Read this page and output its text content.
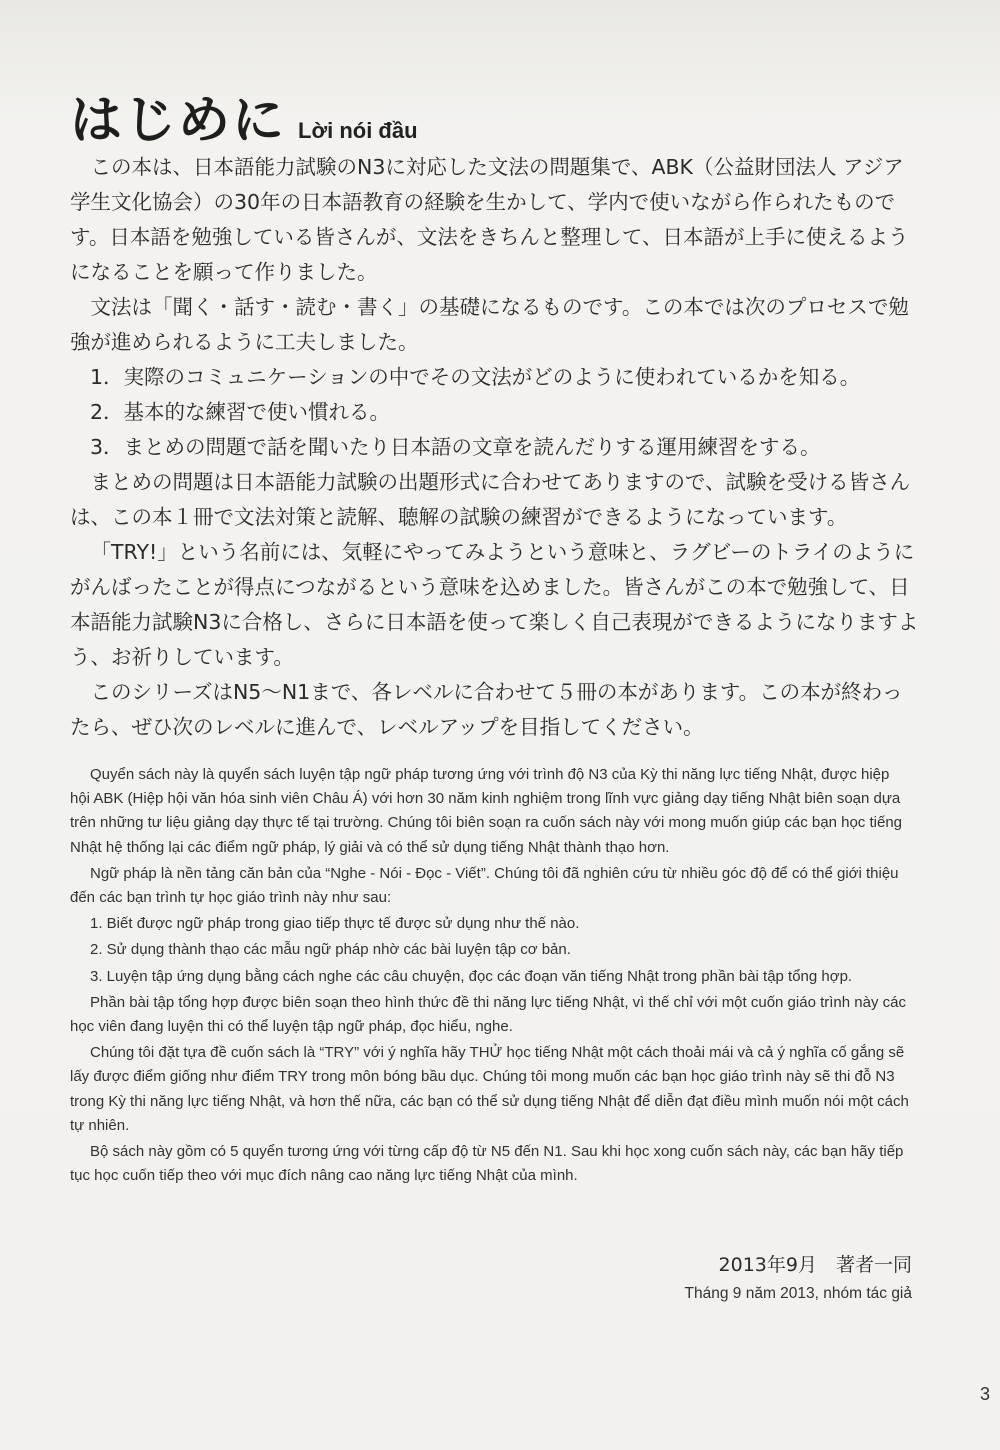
はじめに Lời nói đầu

この本は、日本語能力試験のN3に対応した文法の問題集で、ABK（公益財団法人 アジア学生文化協会）の30年の日本語教育の経験を生かして、学内で使いながら作られたものです。日本語を勉強している皆さんが、文法をきちんと整理して、日本語が上手に使えるようになることを願って作りました。

文法は「聞く・話す・読む・書く」の基礎になるものです。この本では次のプロセスで勉強が進められるように工夫しました。

1．実際のコミュニケーションの中でその文法がどのように使われているかを知る。

2．基本的な練習で使い慣れる。

3．まとめの問題で話を聞いたり日本語の文章を読んだりする運用練習をする。

まとめの問題は日本語能力試験の出題形式に合わせてありますので、試験を受ける皆さんは、この本１冊で文法対策と読解、聴解の試験の練習ができるようになっています。

「TRY!」という名前には、気軽にやってみようという意味と、ラグビーのトライのようにがんばったことが得点につながるという意味を込めました。皆さんがこの本で勉強して、日本語能力試験N3に合格し、さらに日本語を使って楽しく自己表現ができるようになりますよう、お祈りしています。

このシリーズはN5〜N1まで、各レベルに合わせて５冊の本があります。この本が終わったら、ぜひ次のレベルに進んで、レベルアップを目指してください。

Quyển sách này là quyển sách luyện tập ngữ pháp tương ứng với trình độ N3 của Kỳ thi năng lực tiếng Nhật, được hiệp hội ABK (Hiệp hội văn hóa sinh viên Châu Á) với hơn 30 năm kinh nghiệm trong lĩnh vực giảng dạy tiếng Nhật biên soạn dựa trên những tư liệu giảng dạy thực tế tại trường. Chúng tôi biên soạn ra cuốn sách này với mong muốn giúp các bạn học tiếng Nhật hệ thống lại các điểm ngữ pháp, lý giải và có thể sử dụng tiếng Nhật thành thạo hơn.

Ngữ pháp là nền tảng căn bản của “Nghe - Nói - Đọc - Viết”. Chúng tôi đã nghiên cứu từ nhiều góc độ để có thể giới thiệu đến các bạn trình tự học giáo trình này như sau:

1. Biết được ngữ pháp trong giao tiếp thực tế được sử dụng như thế nào.

2. Sử dụng thành thạo các mẫu ngữ pháp nhờ các bài luyện tập cơ bản.

3. Luyện tập ứng dụng bằng cách nghe các câu chuyện, đọc các đoạn văn tiếng Nhật trong phần bài tập tổng hợp.

Phần bài tập tổng hợp được biên soạn theo hình thức đề thi năng lực tiếng Nhật, vì thế chỉ với một cuốn giáo trình này các học viên đang luyện thi có thể luyện tập ngữ pháp, đọc hiểu, nghe.

Chúng tôi đặt tựa đề cuốn sách là “TRY” với ý nghĩa hãy THỬ học tiếng Nhật một cách thoải mái và cả ý nghĩa cố gắng sẽ lấy được điểm giống như điểm TRY trong môn bóng bầu dục. Chúng tôi mong muốn các bạn học giáo trình này sẽ thi đỗ N3 trong Kỳ thi năng lực tiếng Nhật, và hơn thế nữa, các bạn có thể sử dụng tiếng Nhật để diễn đạt điều mình muốn nói một cách tự nhiên.

Bộ sách này gồm có 5 quyển tương ứng với từng cấp độ từ N5 đến N1. Sau khi học xong cuốn sách này, các bạn hãy tiếp tục học cuốn tiếp theo với mục đích nâng cao năng lực tiếng Nhật của mình.

2013年9月　著者一同
Tháng 9 năm 2013, nhóm tác giả
3
